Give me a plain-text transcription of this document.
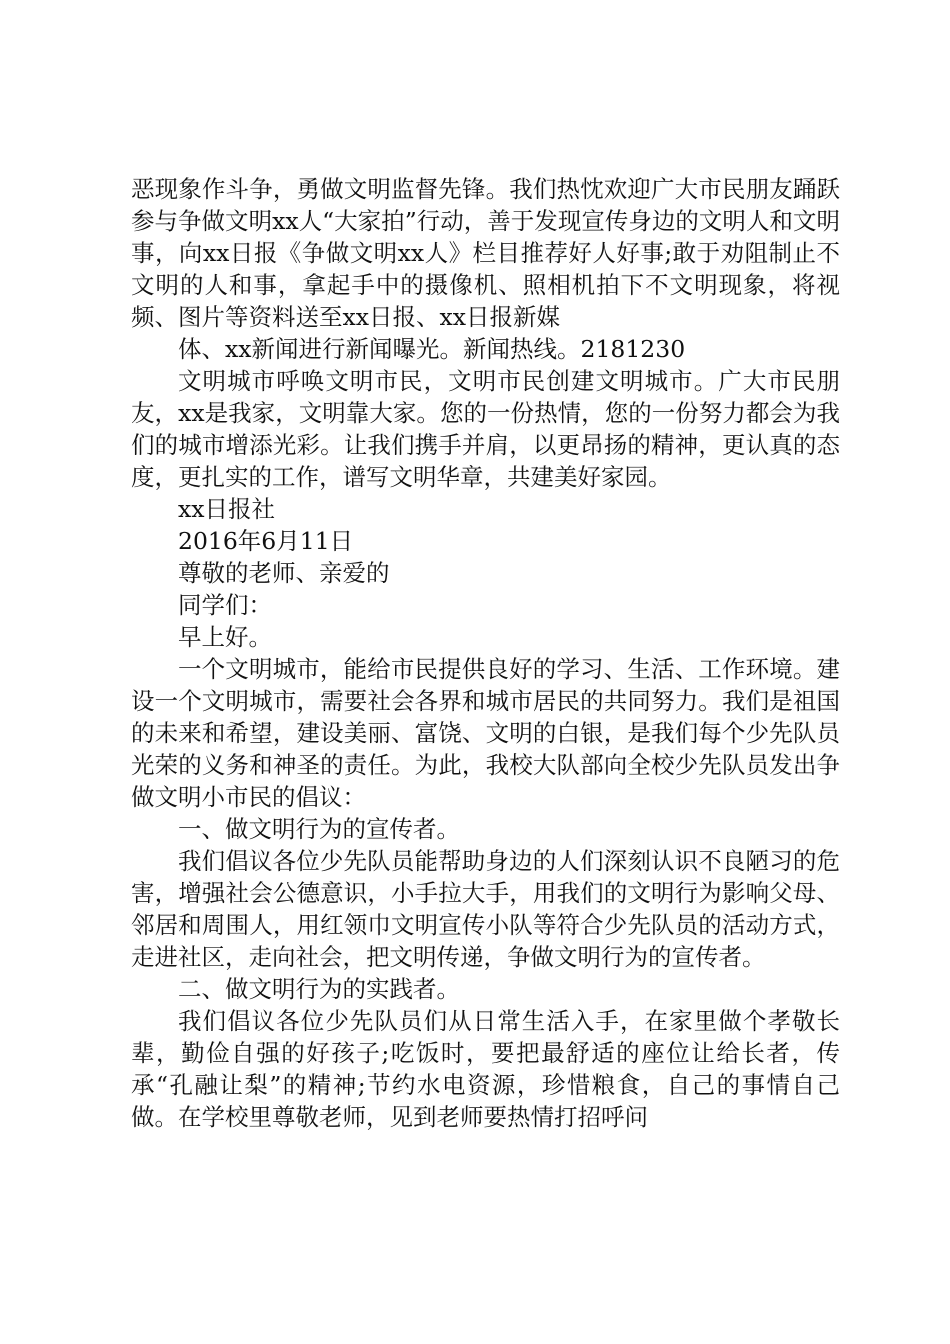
恶现象作斗争，勇做文明监督先锋。我们热忱欢迎广大市民朋友踊跃参与争做文明xx人“大家拍”行动，善于发现宣传身边的文明人和文明事，向xx日报《争做文明xx人》栏目推荐好人好事;敢于劝阻制止不文明的人和事，拿起手中的摄像机、照相机拍下不文明现象，将视频、图片等资料送至xx日报、xx日报新媒

体、xx新闻进行新闻曝光。新闻热线。2181230

文明城市呼唤文明市民，文明市民创建文明城市。广大市民朋友，xx是我家，文明靠大家。您的一份热情，您的一份努力都会为我们的城市增添光彩。让我们携手并肩，以更昂扬的精神，更认真的态度，更扎实的工作，谱写文明华章，共建美好家园。

xx日报社

2016年6月11日

尊敬的老师、亲爱的

同学们：

早上好。

一个文明城市，能给市民提供良好的学习、生活、工作环境。建设一个文明城市，需要社会各界和城市居民的共同努力。我们是祖国的未来和希望，建设美丽、富饶、文明的白银，是我们每个少先队员光荣的义务和神圣的责任。为此，我校大队部向全校少先队员发出争做文明小市民的倡议：

一、做文明行为的宣传者。

我们倡议各位少先队员能帮助身边的人们深刻认识不良陋习的危害，增强社会公德意识，小手拉大手，用我们的文明行为影响父母、邻居和周围人，用红领巾文明宣传小队等符合少先队员的活动方式，走进社区，走向社会，把文明传递，争做文明行为的宣传者。

二、做文明行为的实践者。

我们倡议各位少先队员们从日常生活入手，在家里做个孝敬长辈，勤俭自强的好孩子;吃饭时，要把最舒适的座位让给长者，传承“孔融让梨”的精神;节约水电资源，珍惜粮食，自己的事情自己做。在学校里尊敬老师，见到老师要热情打招呼问
